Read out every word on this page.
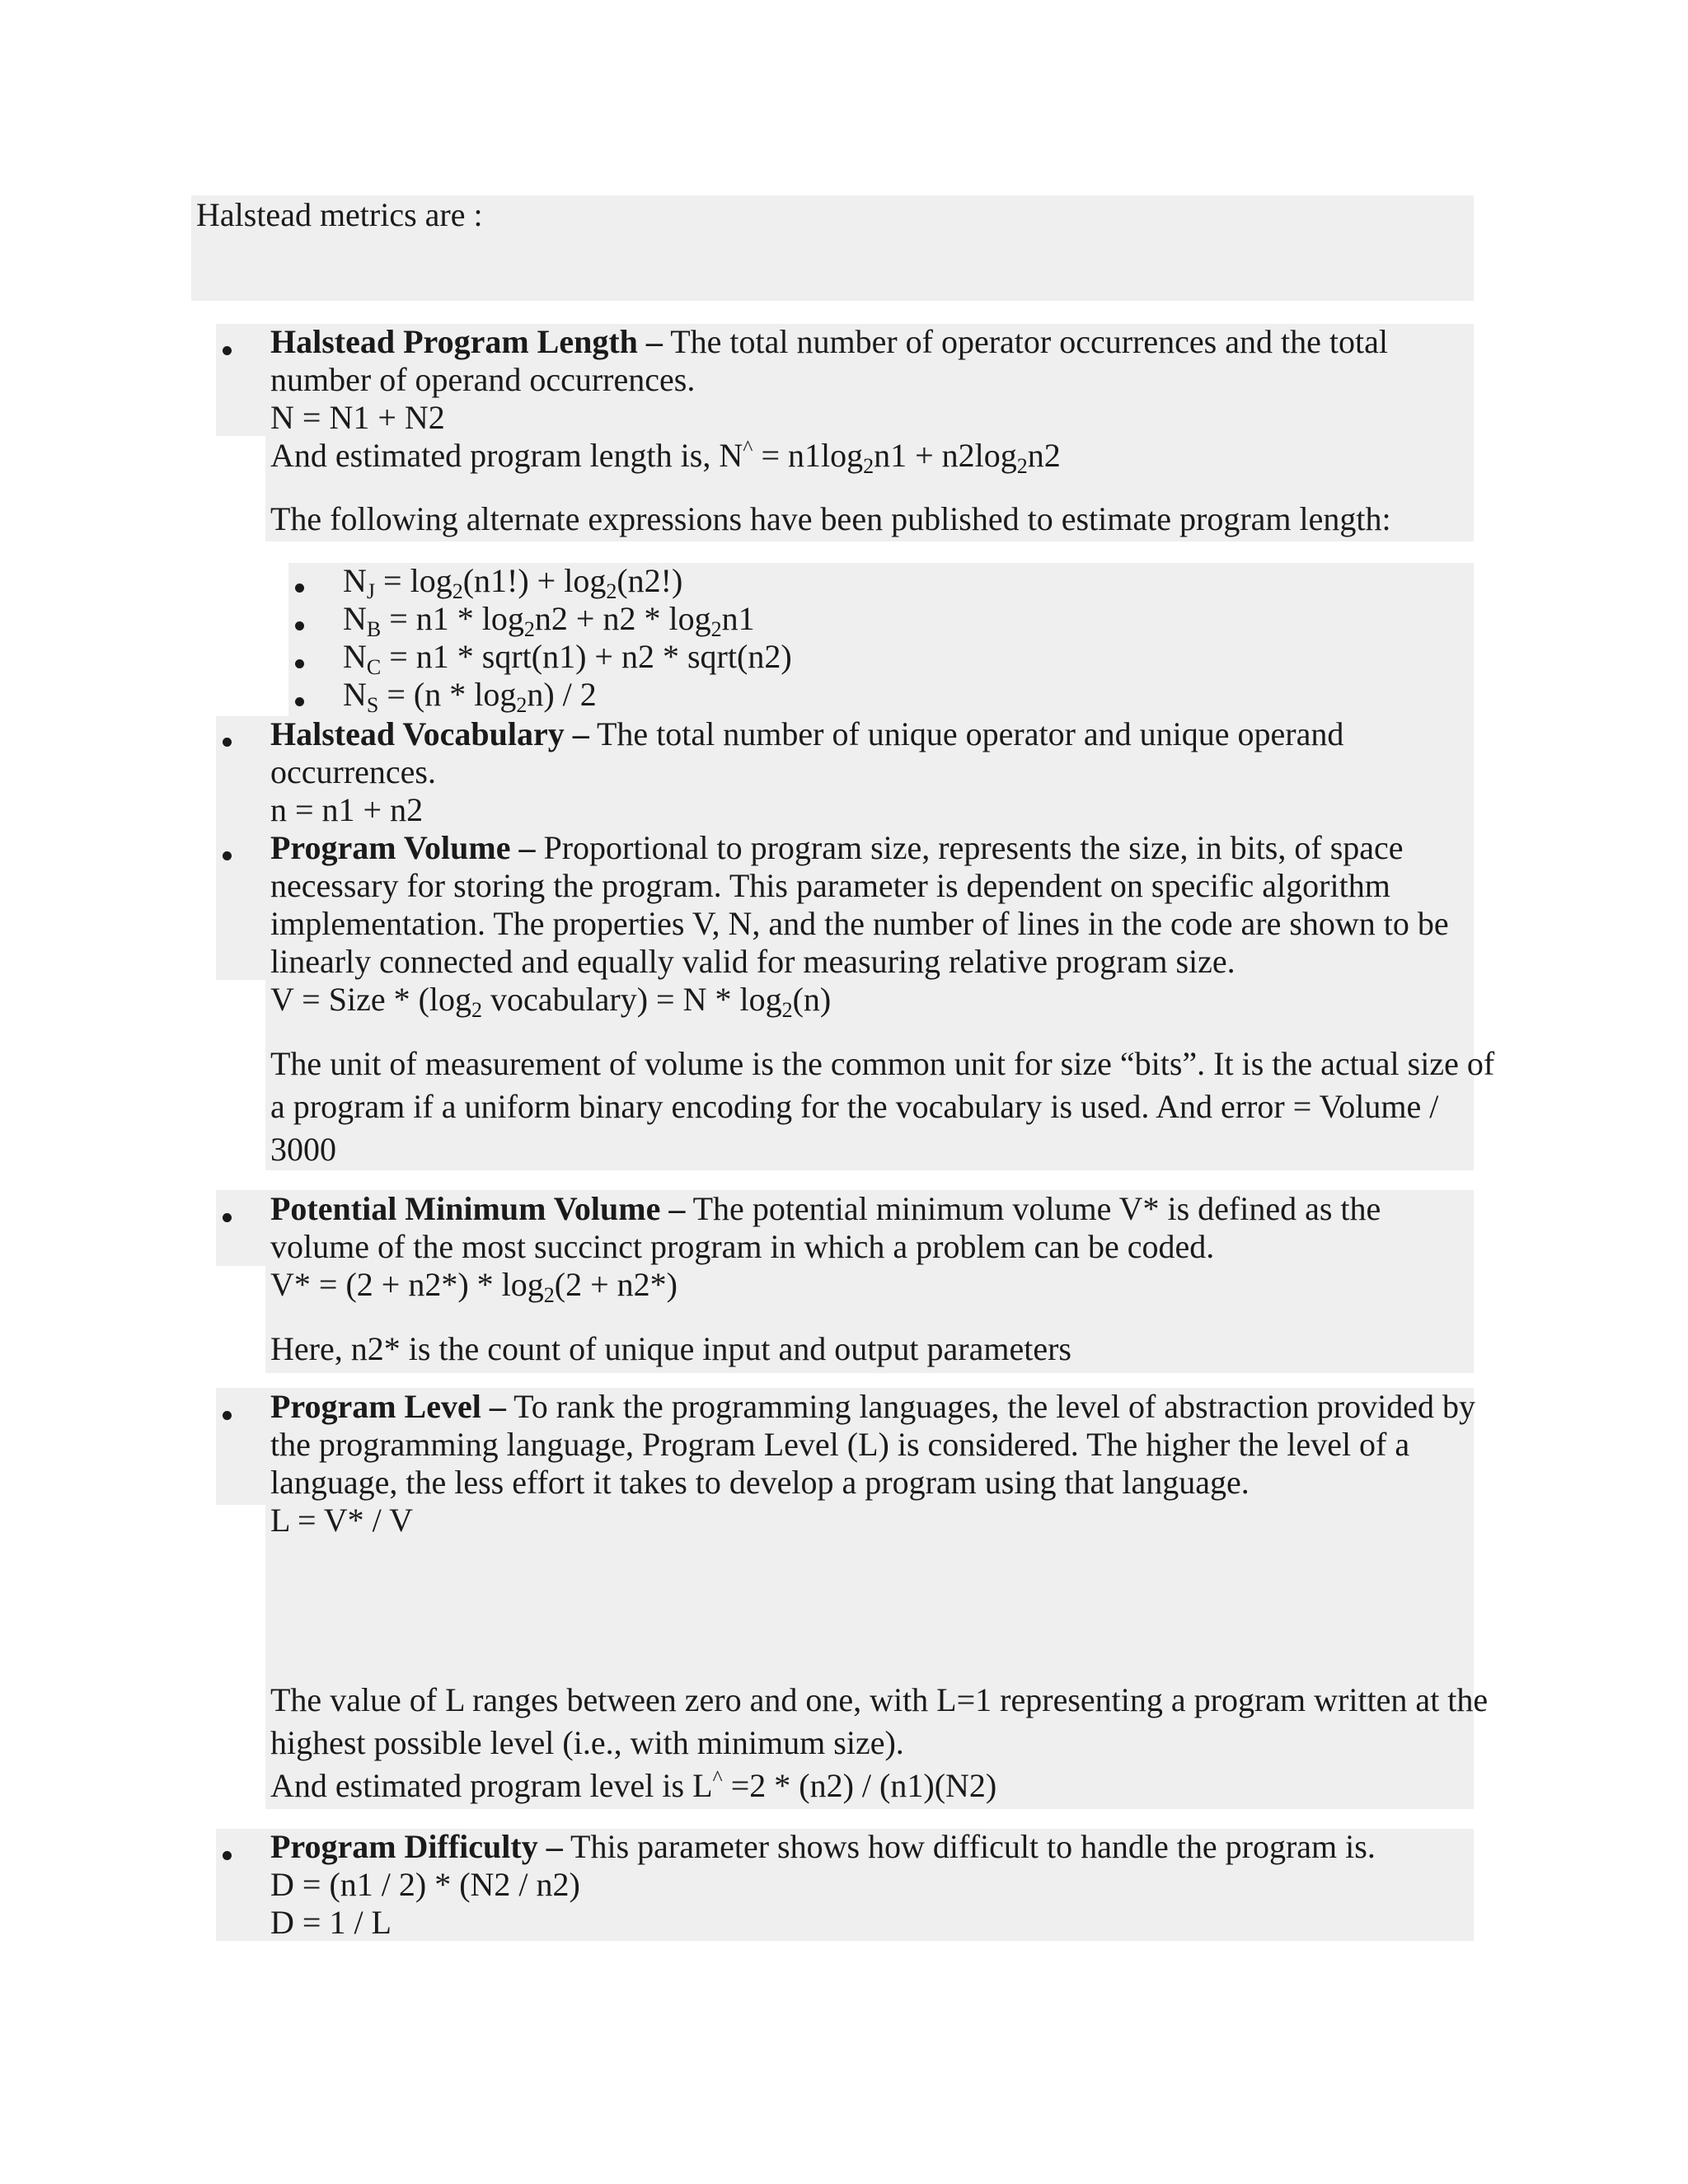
Halstead metrics are :
Halstead Program Length – The total number of operator occurrences and the total
number of operand occurrences.
N = N1 + N2
And estimated program length is, $N^{\^{}} = n1\log_2n1 + n2\log_2n2$
The following alternate expressions have been published to estimate program length:
$N_J = \log_2(n1!) + \log_2(n2!)$
$N_B = n1 * \log_2n2 + n2 * \log_2n1$
$N_C = n1$ * sqrt(n1) + n2 * sqrt(n2)
$N_S = (n * \log_2n) / 2$
Halstead Vocabulary – The total number of unique operator and unique operand
occurrences.
n = n1 + n2
Program Volume – Proportional to program size, represents the size, in bits, of space
necessary for storing the program. This parameter is dependent on specific algorithm
implementation. The properties V, N, and the number of lines in the code are shown to be
linearly connected and equally valid for measuring relative program size.
V = Size * ($\log_2$ vocabulary) = N * $\log_2(n)$
The unit of measurement of volume is the common unit for size “bits”. It is the actual size of
a program if a uniform binary encoding for the vocabulary is used. And error = Volume /
3000
Potential Minimum Volume – The potential minimum volume V* is defined as the
volume of the most succinct program in which a problem can be coded.
$V* = (2 + n2*) * \log_2(2 + n2*)$
Here, n2* is the count of unique input and output parameters
Program Level – To rank the programming languages, the level of abstraction provided by
the programming language, Program Level (L) is considered. The higher the level of a
language, the less effort it takes to develop a program using that language.
L = V* / V
The value of L ranges between zero and one, with L=1 representing a program written at the
highest possible level (i.e., with minimum size).
And estimated program level is L^ =2 * (n2) / (n1)(N2)
Program Difficulty – This parameter shows how difficult to handle the program is.
D = (n1 / 2) * (N2 / n2)
D = 1 / L
